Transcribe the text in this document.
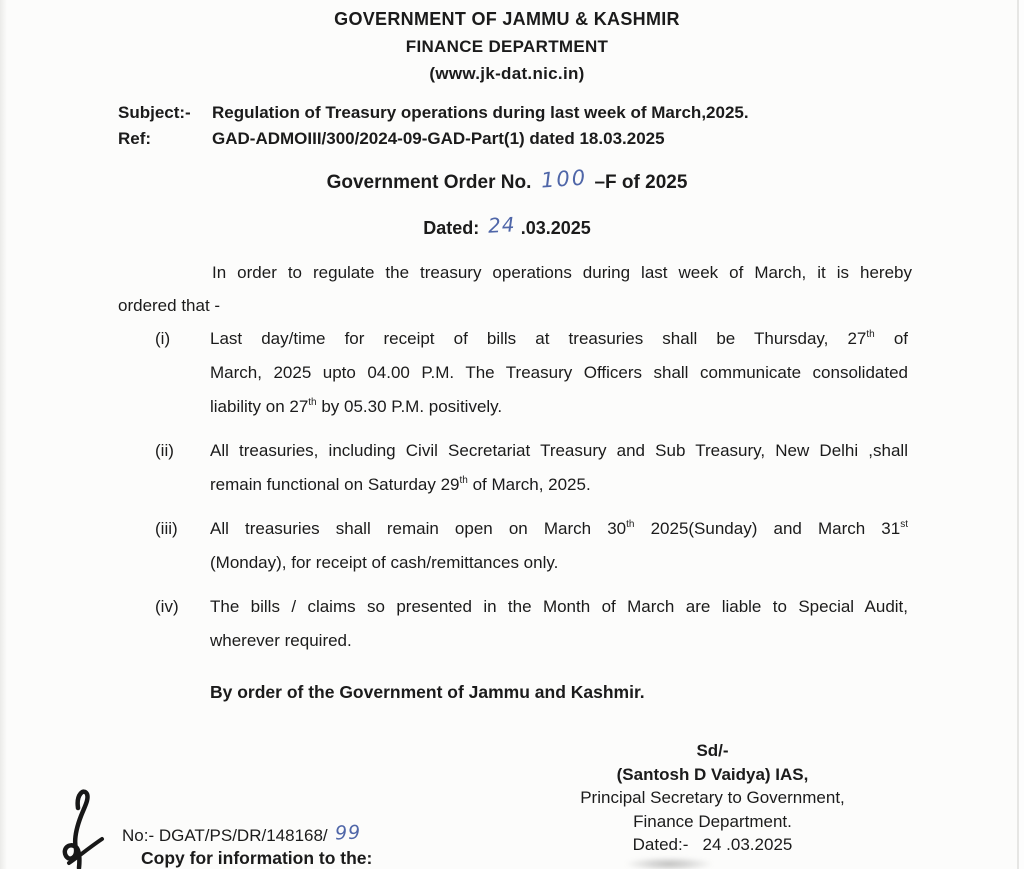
GOVERNMENT OF JAMMU & KASHMIR
FINANCE DEPARTMENT
(www.jk-dat.nic.in)
Subject:-	Regulation of Treasury operations during last week of March,2025.
Ref:	GAD-ADMOIII/300/2024-09-GAD-Part(1) dated 18.03.2025
Government Order No. 100 –F of 2025
Dated: 24 .03.2025
In order to regulate the treasury operations during last week of March, it is hereby
ordered that -
(i)	Last day/time for receipt of bills at treasuries shall be Thursday, 27th of
March, 2025 upto 04.00 P.M. The Treasury Officers shall communicate consolidated
liability on 27th by 05.30 P.M. positively.
(ii)	All treasuries, including Civil Secretariat Treasury and Sub Treasury, New Delhi ,shall
remain functional on Saturday 29th of March, 2025.
(iii)	All treasuries shall remain open on March 30th 2025(Sunday) and March 31st
(Monday), for receipt of cash/remittances only.
(iv)	The bills / claims so presented in the Month of March are liable to Special Audit,
wherever required.
By order of the Government of Jammu and Kashmir.
Sd/-
(Santosh D Vaidya) IAS,
Principal Secretary to Government,
Finance Department.
Dated:-   24 .03.2025
No:- DGAT/PS/DR/148168/ 99
Copy for information to the:
